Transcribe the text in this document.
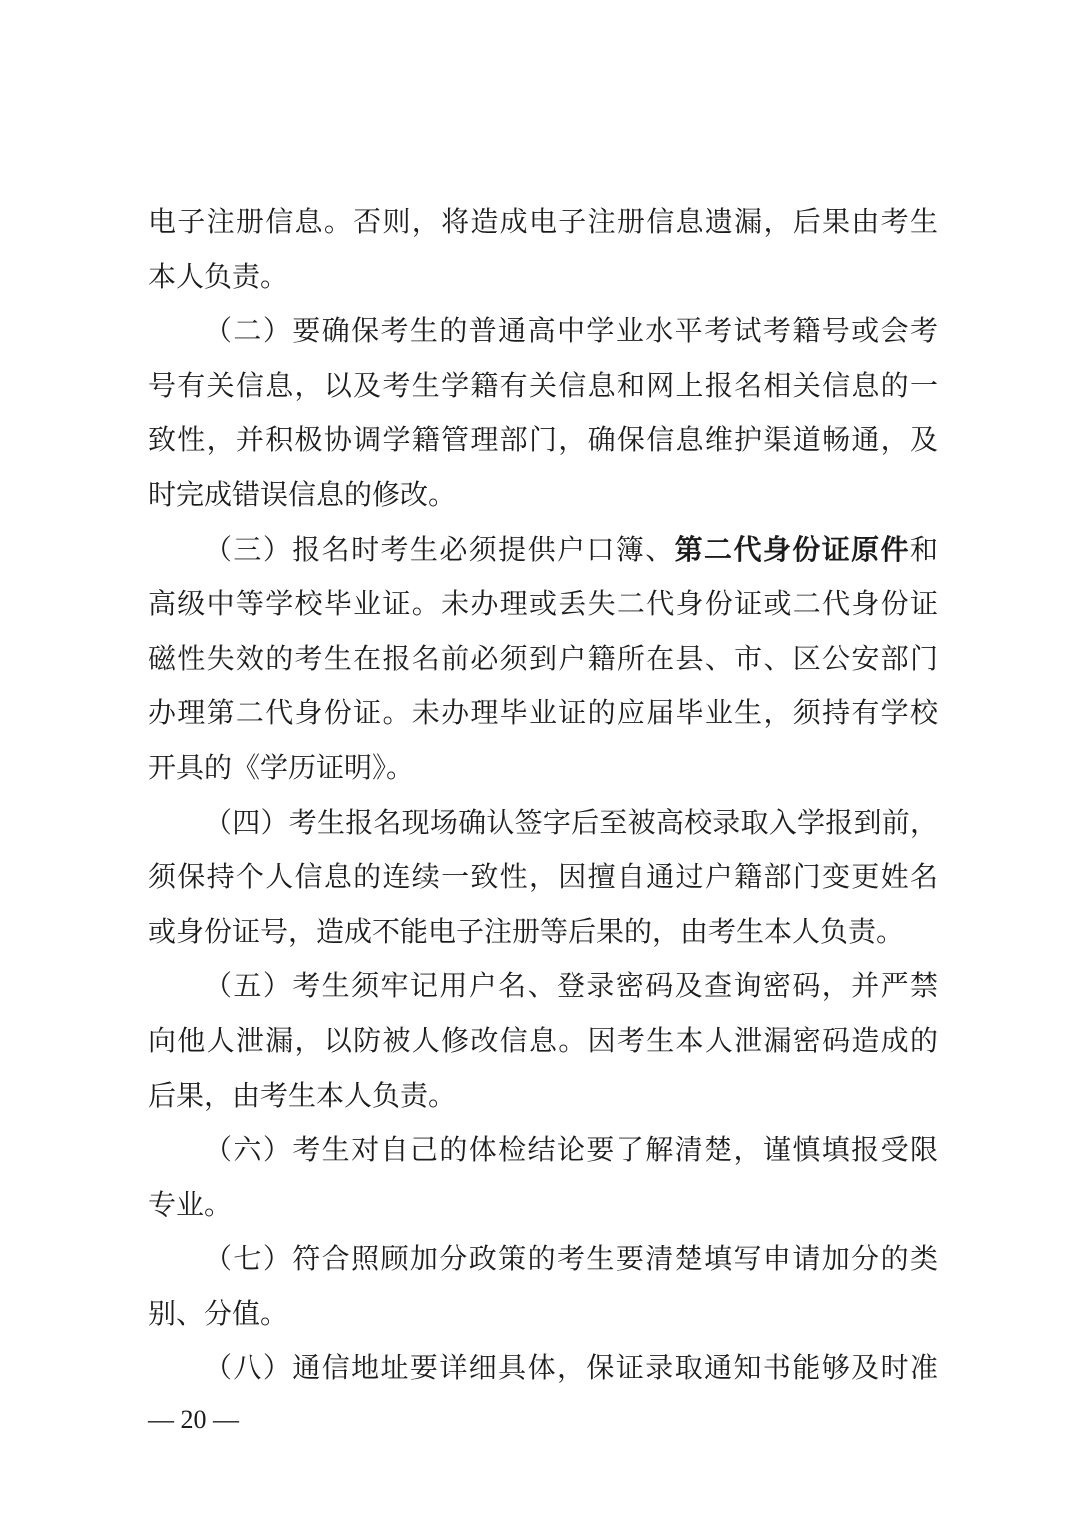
电子注册信息。否则，将造成电子注册信息遗漏，后果由考生
本人负责。
（二）要确保考生的普通高中学业水平考试考籍号或会考
号有关信息，以及考生学籍有关信息和网上报名相关信息的一
致性，并积极协调学籍管理部门，确保信息维护渠道畅通，及
时完成错误信息的修改。
（三）报名时考生必须提供户口簿、第二代身份证原件和
高级中等学校毕业证。未办理或丢失二代身份证或二代身份证
磁性失效的考生在报名前必须到户籍所在县、市、区公安部门
办理第二代身份证。未办理毕业证的应届毕业生，须持有学校
开具的《学历证明》。
（四）考生报名现场确认签字后至被高校录取入学报到前，
须保持个人信息的连续一致性，因擅自通过户籍部门变更姓名
或身份证号，造成不能电子注册等后果的，由考生本人负责。
（五）考生须牢记用户名、登录密码及查询密码，并严禁
向他人泄漏，以防被人修改信息。因考生本人泄漏密码造成的
后果，由考生本人负责。
（六）考生对自己的体检结论要了解清楚，谨慎填报受限
专业。
（七）符合照顾加分政策的考生要清楚填写申请加分的类
别、分值。
（八）通信地址要详细具体，保证录取通知书能够及时准
— 20 —
